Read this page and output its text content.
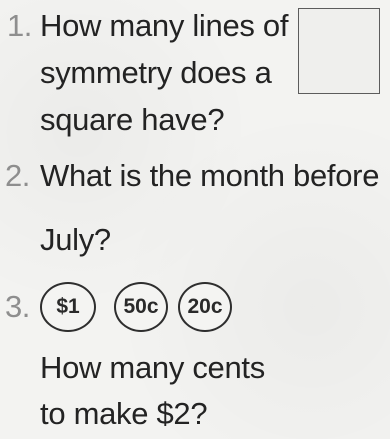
1. How many lines of
symmetry does a
square have?
2. What is the month before
July?
3.	$1	50c	20c
How many cents
to make $2?
